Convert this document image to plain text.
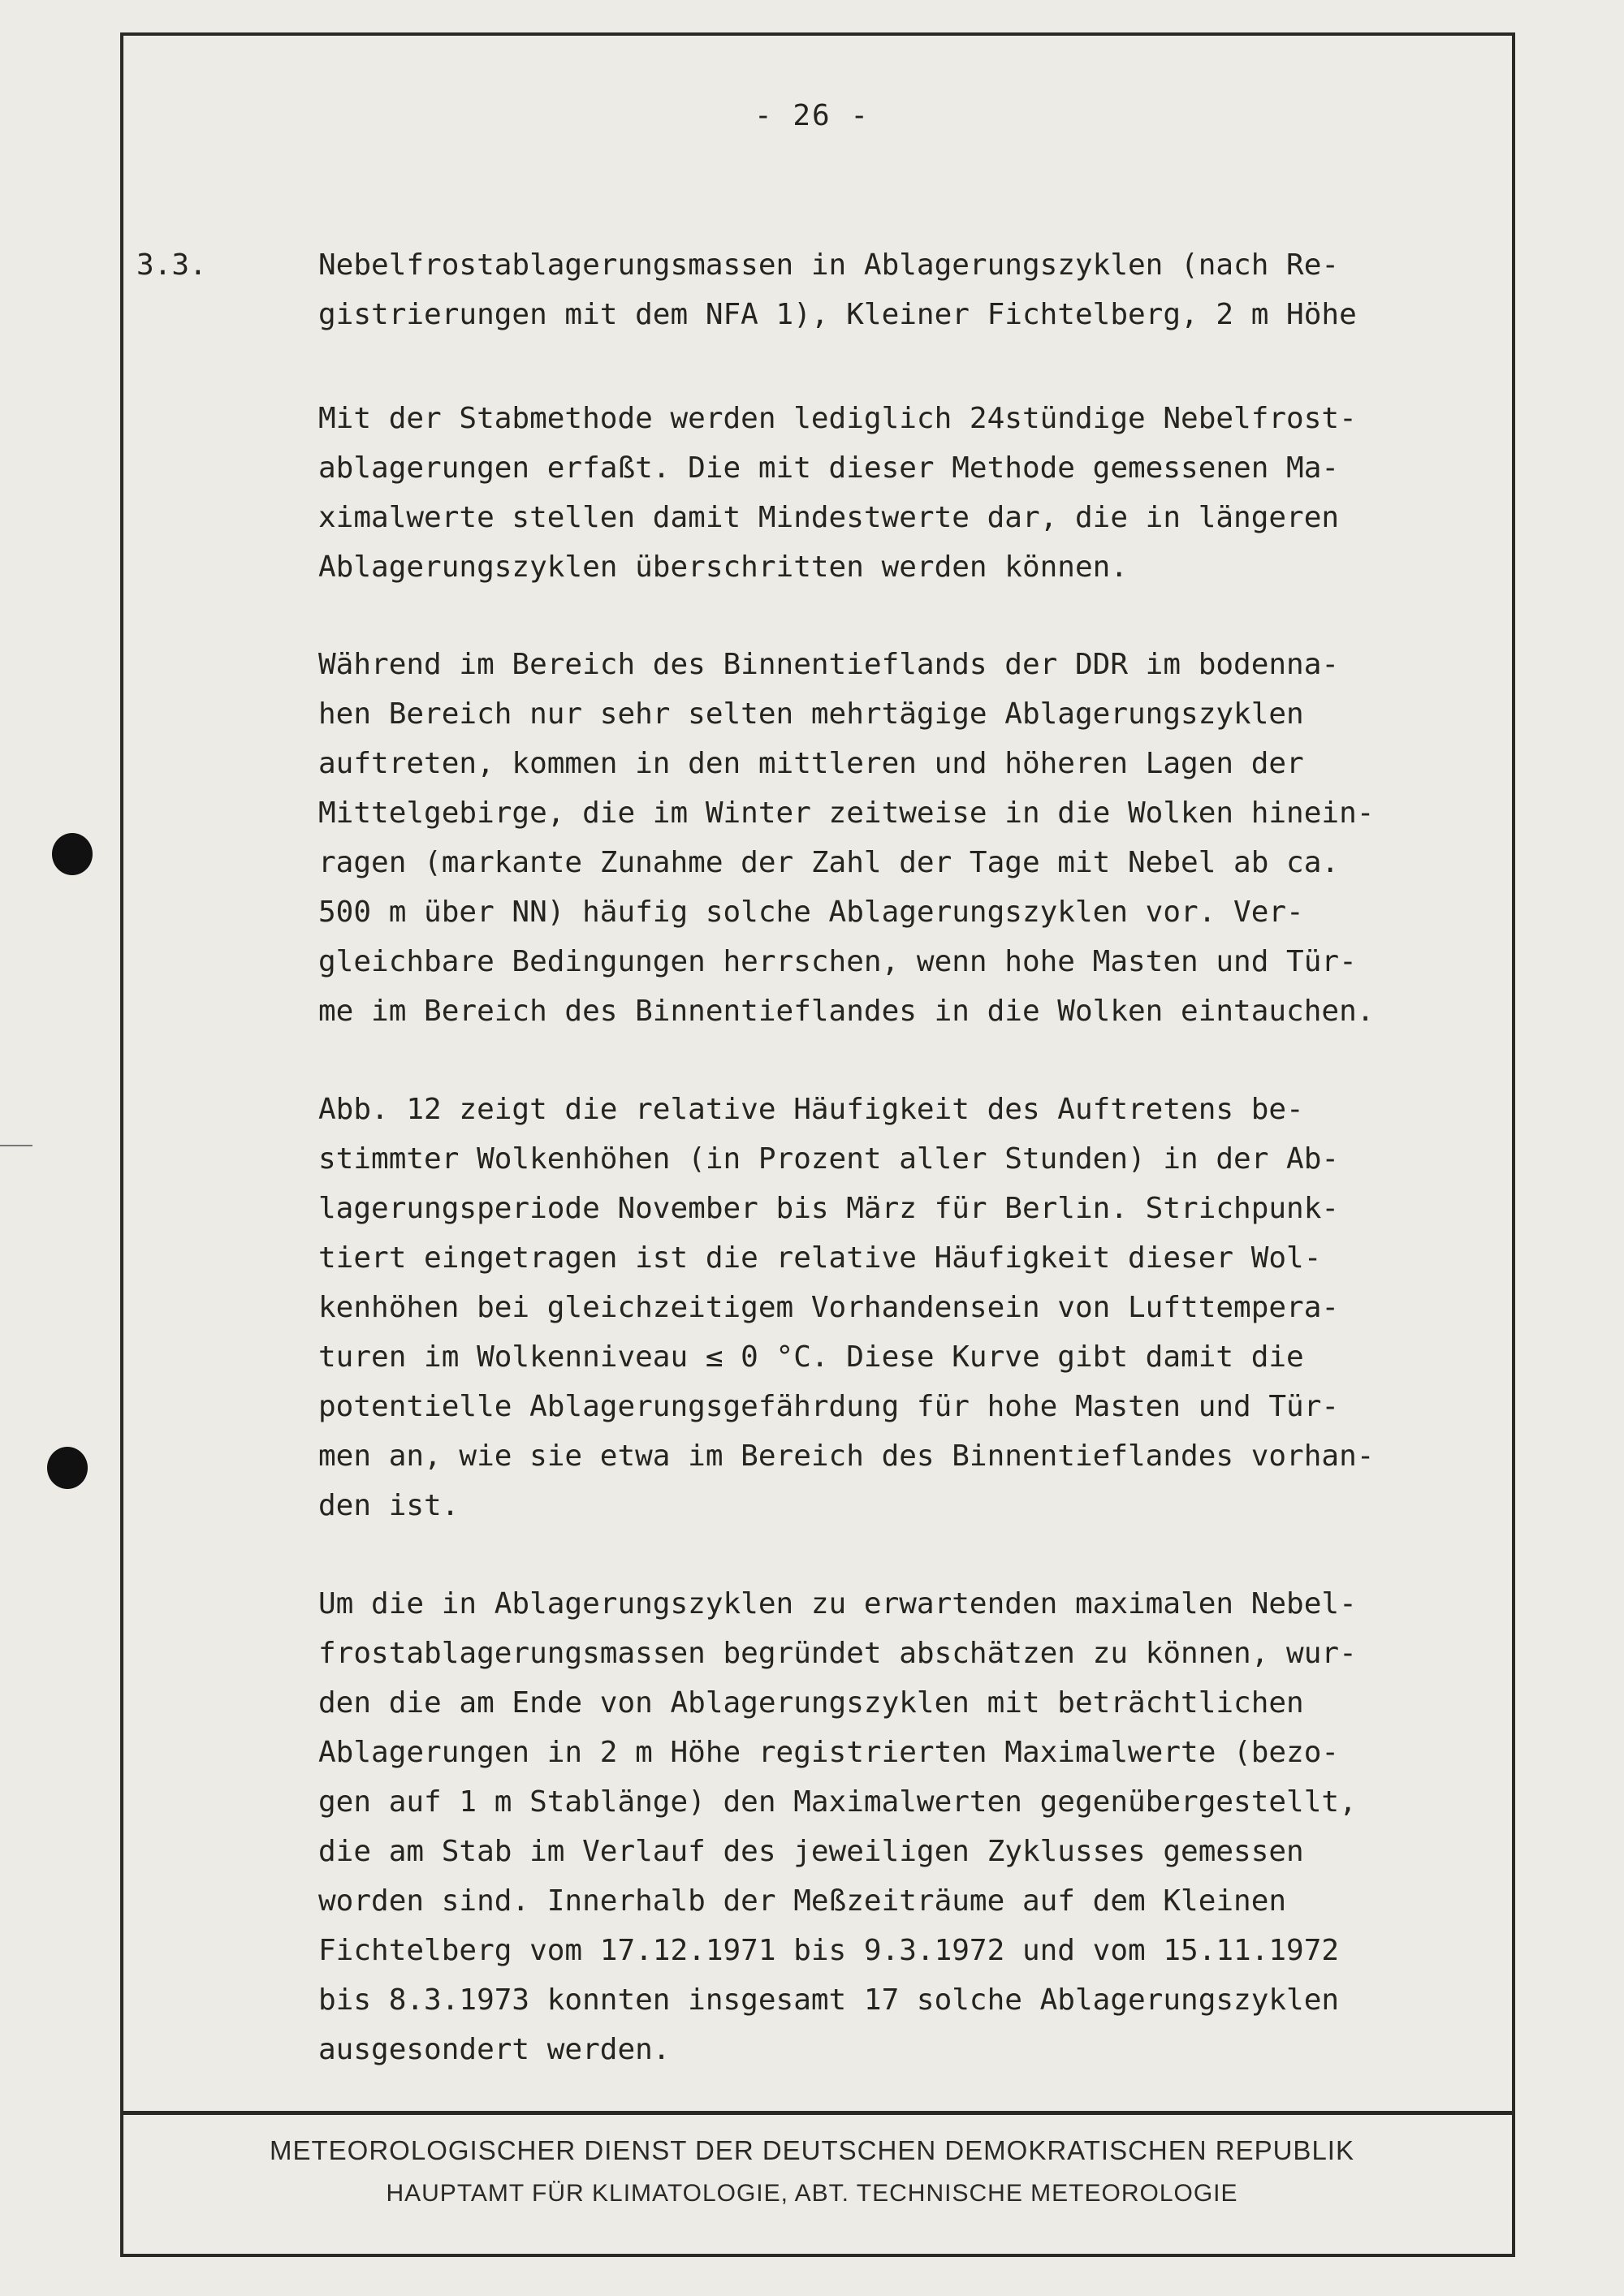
- 26 -
3.3.	Nebelfrostablagerungsmassen in Ablagerungszyklen (nach Re-
gistrierungen mit dem NFA 1), Kleiner Fichtelberg, 2 m Höhe
Mit der Stabmethode werden lediglich 24stündige Nebelfrost-
ablagerungen erfaßt. Die mit dieser Methode gemessenen Ma-
ximalwerte stellen damit Mindestwerte dar, die in längeren
Ablagerungszyklen überschritten werden können.
Während im Bereich des Binnentieflands der DDR im bodenna-
hen Bereich nur sehr selten mehrtägige Ablagerungszyklen
auftreten, kommen in den mittleren und höheren Lagen der
Mittelgebirge, die im Winter zeitweise in die Wolken hinein-
ragen (markante Zunahme der Zahl der Tage mit Nebel ab ca.
500 m über NN) häufig solche Ablagerungszyklen vor. Ver-
gleichbare Bedingungen herrschen, wenn hohe Masten und Tür-
me im Bereich des Binnentieflandes in die Wolken eintauchen.
Abb. 12 zeigt die relative Häufigkeit des Auftretens be-
stimmter Wolkenhöhen (in Prozent aller Stunden) in der Ab-
lagerungsperiode November bis März für Berlin. Strichpunk-
tiert eingetragen ist die relative Häufigkeit dieser Wol-
kenhöhen bei gleichzeitigem Vorhandensein von Lufttempera-
turen im Wolkenniveau ≤ 0 °C. Diese Kurve gibt damit die
potentielle Ablagerungsgefährdung für hohe Masten und Tür-
men an, wie sie etwa im Bereich des Binnentieflandes vorhan-
den ist.
Um die in Ablagerungszyklen zu erwartenden maximalen Nebel-
frostablagerungsmassen begründet abschätzen zu können, wur-
den die am Ende von Ablagerungszyklen mit beträchtlichen
Ablagerungen in 2 m Höhe registrierten Maximalwerte (bezo-
gen auf 1 m Stablänge) den Maximalwerten gegenübergestellt,
die am Stab im Verlauf des jeweiligen Zyklusses gemessen
worden sind. Innerhalb der Meßzeiträume auf dem Kleinen
Fichtelberg vom 17.12.1971 bis 9.3.1972 und vom 15.11.1972
bis 8.3.1973 konnten insgesamt 17 solche Ablagerungszyklen
ausgesondert werden.
METEOROLOGISCHER DIENST DER DEUTSCHEN DEMOKRATISCHEN REPUBLIK
HAUPTAMT FÜR KLIMATOLOGIE, ABT. TECHNISCHE METEOROLOGIE
